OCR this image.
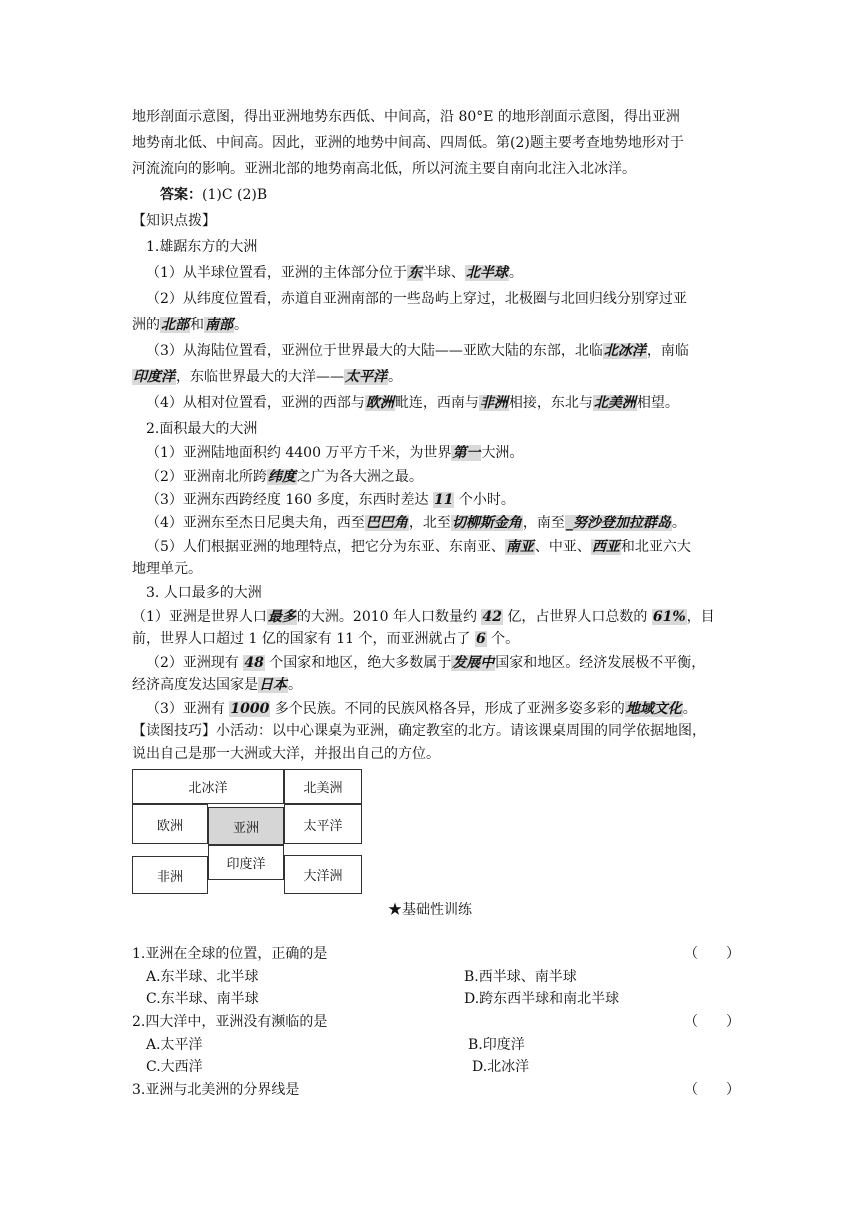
地形剖面示意图，得出亚洲地势东西低、中间高，沿 80°E 的地形剖面示意图，得出亚洲
地势南北低、中间高。因此，亚洲的地势中间高、四周低。第(2)题主要考查地势地形对于
河流流向的影响。亚洲北部的地势南高北低，所以河流主要自南向北注入北冰洋。
答案：(1)C (2)B
【知识点拨】
1.雄踞东方的大洲
（1）从半球位置看，亚洲的主体部分位于东半球、北半球。
（2）从纬度位置看，赤道自亚洲南部的一些岛屿上穿过，北极圈与北回归线分别穿过亚
洲的北部和南部。
（3）从海陆位置看，亚洲位于世界最大的大陆——亚欧大陆的东部，北临北冰洋，南临
印度洋，东临世界最大的大洋——太平洋。
（4）从相对位置看，亚洲的西部与欧洲毗连，西南与非洲相接，东北与北美洲相望。
2.面积最大的大洲
（1）亚洲陆地面积约 4400 万平方千米，为世界第一大洲。
（2）亚洲南北所跨纬度之广为各大洲之最。
（3）亚洲东西跨经度 160 多度，东西时差达 11 个小时。
（4）亚洲东至杰日尼奥夫角，西至巴巴角，北至切柳斯金角，南至_努沙登加拉群岛。
（5）人们根据亚洲的地理特点，把它分为东亚、东南亚、南亚、中亚、西亚和北亚六大
地理单元。
3. 人口最多的大洲
（1）亚洲是世界人口最多的大洲。2010 年人口数量约 42 亿，占世界人口总数的 61%，目
前，世界人口超过 1 亿的国家有 11 个，而亚洲就占了 6 个。
（2）亚洲现有 48 个国家和地区，绝大多数属于发展中国家和地区。经济发展极不平衡，
经济高度发达国家是日本。
（3）亚洲有 1000 多个民族。不同的民族风格各异，形成了亚洲多姿多彩的地域文化。
【读图技巧】小活动：以中心课桌为亚洲，确定教室的北方。请该课桌周围的同学依据地图，
说出自己是那一大洲或大洋，并报出自己的方位。
北冰洋	北美洲
欧洲	亚洲	太平洋
印度洋
非洲	大洋洲
★基础性训练
1.亚洲在全球的位置，正确的是	（　　）
A.东半球、北半球	B.西半球、南半球
C.东半球、南半球	D.跨东西半球和南北半球
2.四大洋中，亚洲没有濒临的是	（　　）
A.太平洋	B.印度洋
C.大西洋	D.北冰洋
3.亚洲与北美洲的分界线是	（　　）
